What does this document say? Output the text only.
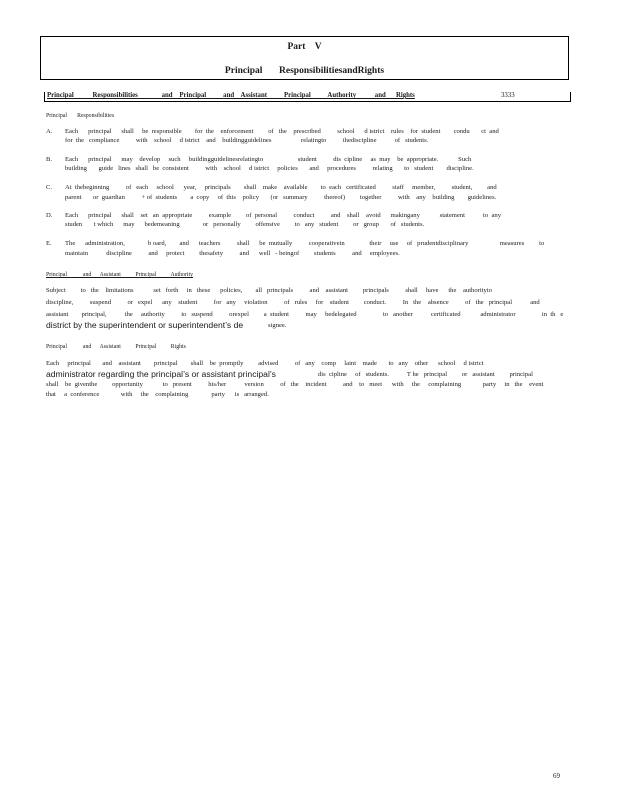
Part    V
Principal       ResponsibilitiesandRights

Principal           Responsibilities              and    Principal          and    Assistant          Principal          Authority           and      Rights

	3333

Principal       Responsibilities
A. Each      principal      shall     be  responsible        for  the    enforcement         of   the    prescribed          school      d istrict    rules    for  student        condu       ct  and
for  the   compliance          with    school     d istrict    and    buildingguidelines                  relatingto          thediscipline           of   students.
B. Each      principal      may    develop     such     buildingguidelinesrelatingto                     student          dis  cipline     as  may    be  appropriate.            Such
building       guide   lines   shall   be  consistent          with    school     d istrict     policies       and     procedures          relating       to   student        discipline.
C. At  thebeginning          of   each     school      year,     principals        shall    make    available        to  each   certificated          staff     member,          student,         and
parent       or  guardian          + of  students        a  copy     of  this    policy       (or   summary          thereof)         together          with    any    building        guidelines.
D. Each      principal      shall    set   an  appropriate          example         of  personal          conduct          and    shall    avoid      makingany            statement           to  any
studen       t which      may      bedemeaning              or   personally         offensive         to   any   student         or   group       of   students.
E. The      administration,              b oard,        and      teachers          shall      be  mutually          cooperativein               their     use     of   prudentdisciplinary                   measures         to
maintain           discipline          and     protect         thesafety          and      well   - beingof         students          and     employees.
Principal           and      Assistant          Principal          Authority
Subject         to   the    limitations            set   forth     in   these      policies,        all   principals          and    assistant         principals          shall     have      the    authorityto
discipline,          suspend          or   expel      any    student          for   any     violation          of   rules     for    student         conduct.          In   the    absence          of   the   principal           and
assistant        principal,           the     authority          to   suspend          orexpel         a  student          may     bedelegated                to   another           certificated            administrator                in  th   e
district by the superintendent or superintendent’s de	signee.
Principal           and      Assistant          Principal          Rights
Each     principal       and    assistant        principal        shall    be  promptly         advised          of   any    comp     laint    made       to   any    other      school     d istrict
administrator regarding the principal’s or assistant principal’s	dis  cipline     of   students.           T he   principal         or   assistant         principal
shall    be  giventhe         opportunity            to   present          his/her           version          of   the    incident          and    to   meet      with     the     complaining             party     in   the    event
that     a  conference             with     the    complaining              party      is   arranged.
69
